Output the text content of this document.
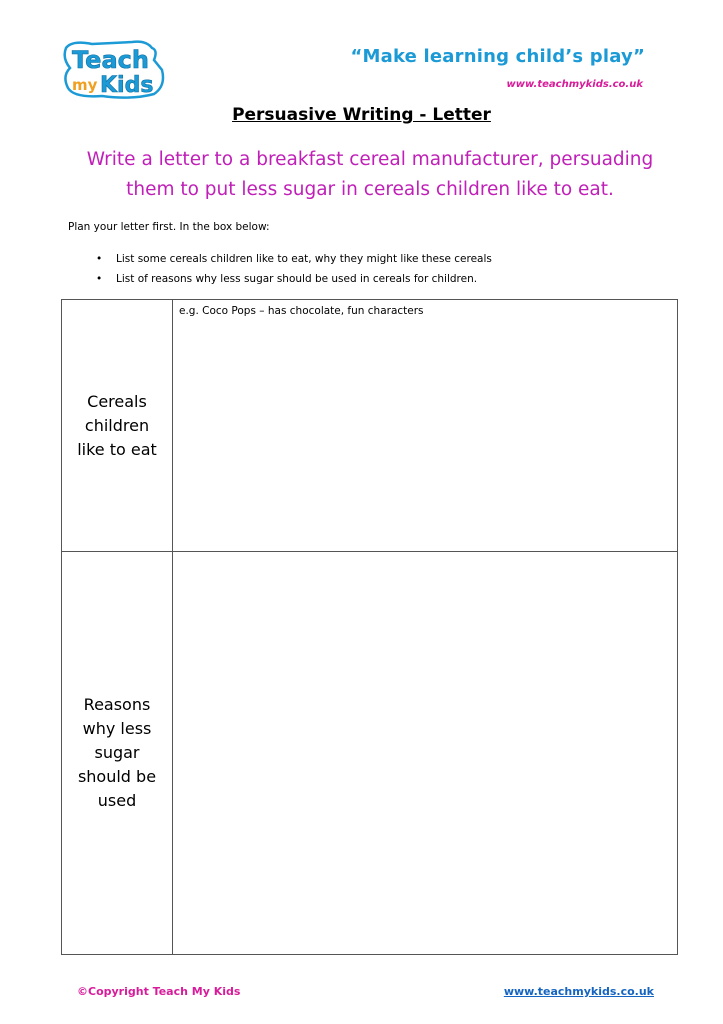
Teach
my Kids

“Make learning child’s play”

www.teachmykids.co.uk

Persuasive Writing - Letter
Write a letter to a breakfast cereal manufacturer, persuading
them to put less sugar in cereals children like to eat.

Plan your letter first. In the box below:

• List some cereals children like to eat, why they might like these cereals
• List of reasons why less sugar should be used in cereals for children.
Cereals
children
like to eat

e.g. Coco Pops – has chocolate, fun characters

Reasons
why less
sugar
should be
used

©Copyright Teach My Kids	www.teachmykids.co.uk
